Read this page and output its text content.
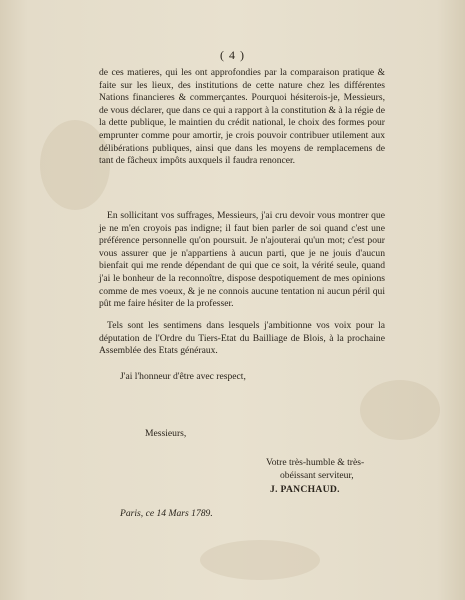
( 4 )
de ces matieres, qui les ont approfondies par la comparaison pratique & faite sur les lieux, des institutions de cette nature chez les différentes Nations financieres & commerçantes. Pourquoi hésiterois-je, Messieurs, de vous déclarer, que dans ce qui a rapport à la constitution & à la régie de la dette publique, le maintien du crédit national, le choix des formes pour emprunter comme pour amortir, je crois pouvoir contribuer utilement aux délibérations publiques, ainsi que dans les moyens de remplacemens de tant de fâcheux impôts auxquels il faudra renoncer.
En sollicitant vos suffrages, Messieurs, j'ai cru devoir vous montrer que je ne m'en croyois pas indigne; il faut bien parler de soi quand c'est une préférence personnelle qu'on poursuit. Je n'ajouterai qu'un mot; c'est pour vous assurer que je n'appartiens à aucun parti, que je ne jouis d'aucun bienfait qui me rende dépendant de qui que ce soit, la vérité seule, quand j'ai le bonheur de la reconnoître, dispose despotiquement de mes opinions comme de mes voeux, & je ne connois aucune tentation ni aucun péril qui pût me faire hésiter de la professer.
Tels sont les sentimens dans lesquels j'ambitionne vos voix pour la députation de l'Ordre du Tiers-Etat du Bailliage de Blois, à la prochaine Assemblée des Etats généraux.
J'ai l'honneur d'être avec respect,
Messieurs,
Votre très-humble & très-
obéissant serviteur,
J. PANCHAUD.
Paris, ce 14 Mars 1789.
